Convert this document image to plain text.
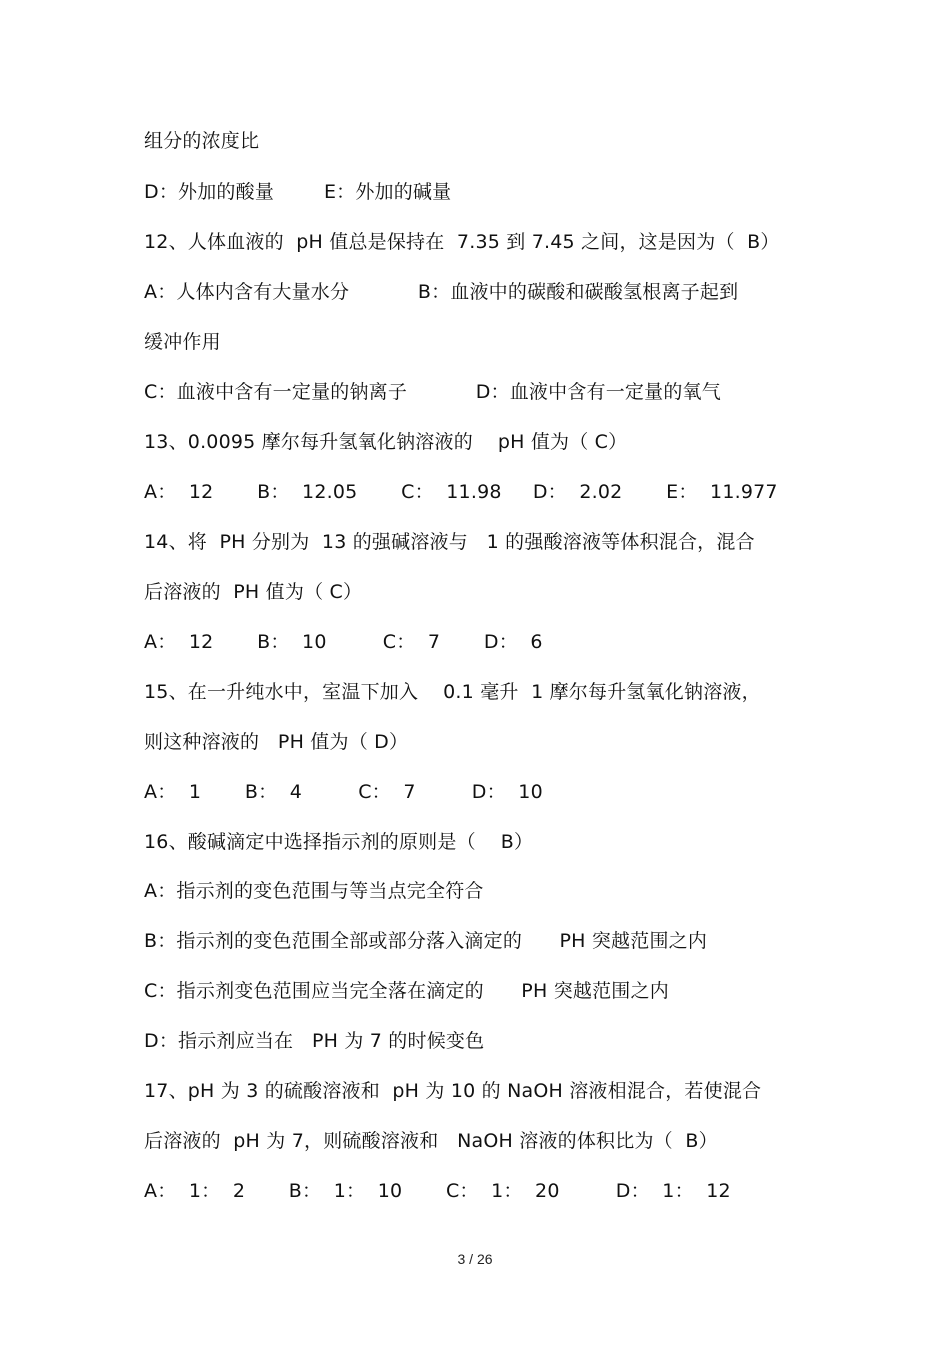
组分的浓度比
D：外加的酸量        E：外加的碱量
12、人体血液的  pH 值总是保持在  7.35 到 7.45 之间，这是因为（  B）
A：人体内含有大量水分           B：血液中的碳酸和碳酸氢根离子起到
缓冲作用
C：血液中含有一定量的钠离子           D：血液中含有一定量的氧气
13、0.0095 摩尔每升氢氧化钠溶液的    pH 值为（ C）
A：  12       B：  12.05       C：  11.98     D：  2.02       E：  11.977
14、将  PH 分别为  13 的强碱溶液与   1 的强酸溶液等体积混合，混合
后溶液的  PH 值为（ C）
A：  12       B：  10         C：  7       D：  6
15、在一升纯水中，室温下加入    0.1 毫升  1 摩尔每升氢氧化钠溶液，
则这种溶液的   PH 值为（ D）
A：  1       B：  4         C：  7         D：  10
16、酸碱滴定中选择指示剂的原则是（    B）
A：指示剂的变色范围与等当点完全符合
B：指示剂的变色范围全部或部分落入滴定的      PH 突越范围之内
C：指示剂变色范围应当完全落在滴定的      PH 突越范围之内
D：指示剂应当在   PH 为 7 的时候变色
17、pH 为 3 的硫酸溶液和  pH 为 10 的 NaOH 溶液相混合，若使混合
后溶液的  pH 为 7，则硫酸溶液和   NaOH 溶液的体积比为（  B）
A：  1：  2       B：  1：  10       C：  1：  20         D：  1：  12
3 / 26
